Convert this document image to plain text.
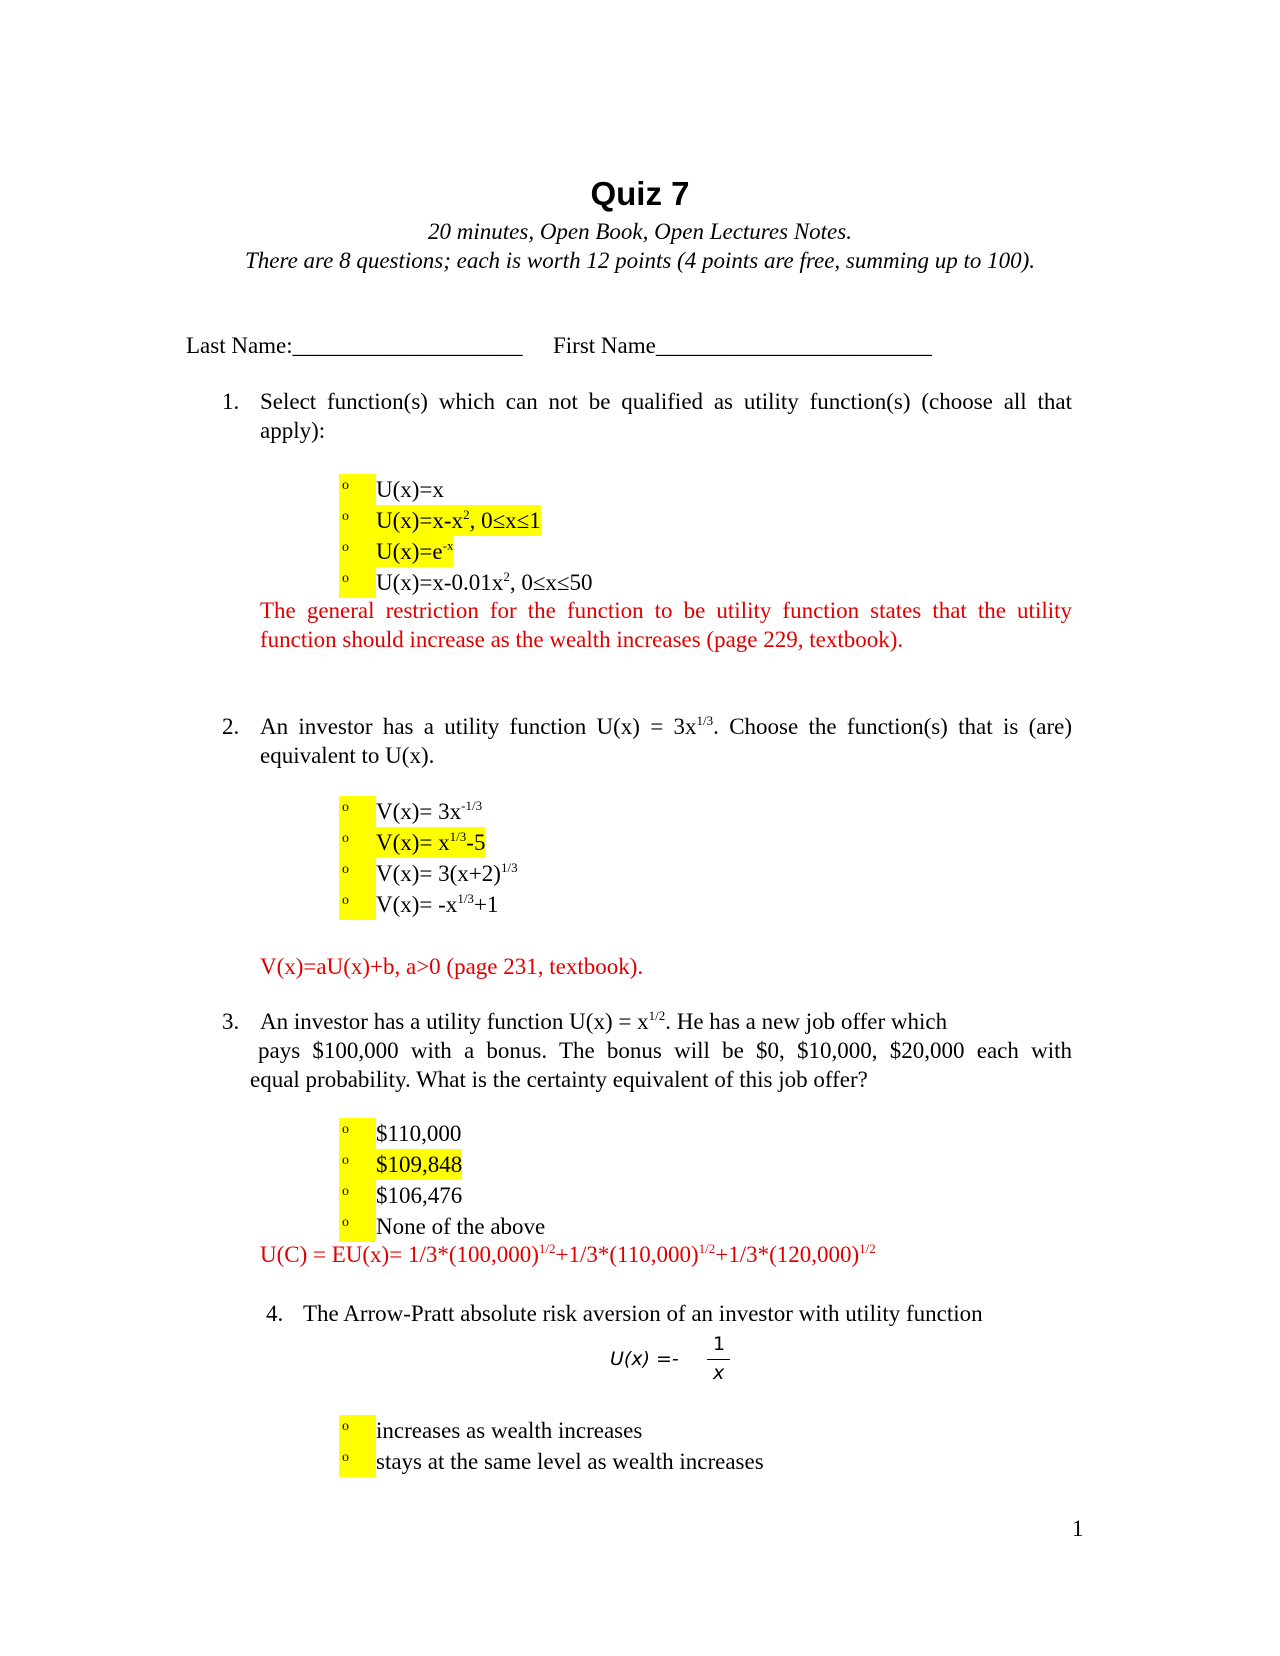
Quiz 7
20 minutes, Open Book, Open Lectures Notes.
There are 8 questions; each is worth 12 points (4 points are free, summing up to 100).
Last Name:____________________ First Name________________________
1. Select function(s) which can not be qualified as utility function(s) (choose all that
apply):
o U(x)=x
o $U(x)=x-x^2$, 0≤x≤1
o $U(x)=e^{-x}$
o $U(x)=x-0.01x^2$, 0≤x≤50
The general restriction for the function to be utility function states that the utility
function should increase as the wealth increases (page 229, textbook).
2. An investor has a utility function $U(x) = 3x^{1/3}$. Choose the function(s) that is (are)
equivalent to U(x).
o $V(x)= 3x^{-1/3}$
o $V(x)= x^{1/3}-5$
o $V(x)= 3(x+2)^{1/3}$
o $V(x)= -x^{1/3}+1$
V(x)=aU(x)+b, a>0 (page 231, textbook).
3. An investor has a utility function $U(x) = x^{1/2}$. He has a new job offer which
pays $100,000 with a bonus. The bonus will be $0, $10,000, $20,000 each with
equal probability. What is the certainty equivalent of this job offer?
o $110,000
o $109,848
o $106,476
o None of the above
$U(C) = EU(x)= 1/3*(100,000)^{1/2}+1/3*(110,000)^{1/2}+1/3*(120,000)^{1/2}$
4. The Arrow-Pratt absolute risk aversion of an investor with utility function
U(x) =-
1
x
o increases as wealth increases
o stays at the same level as wealth increases
1
